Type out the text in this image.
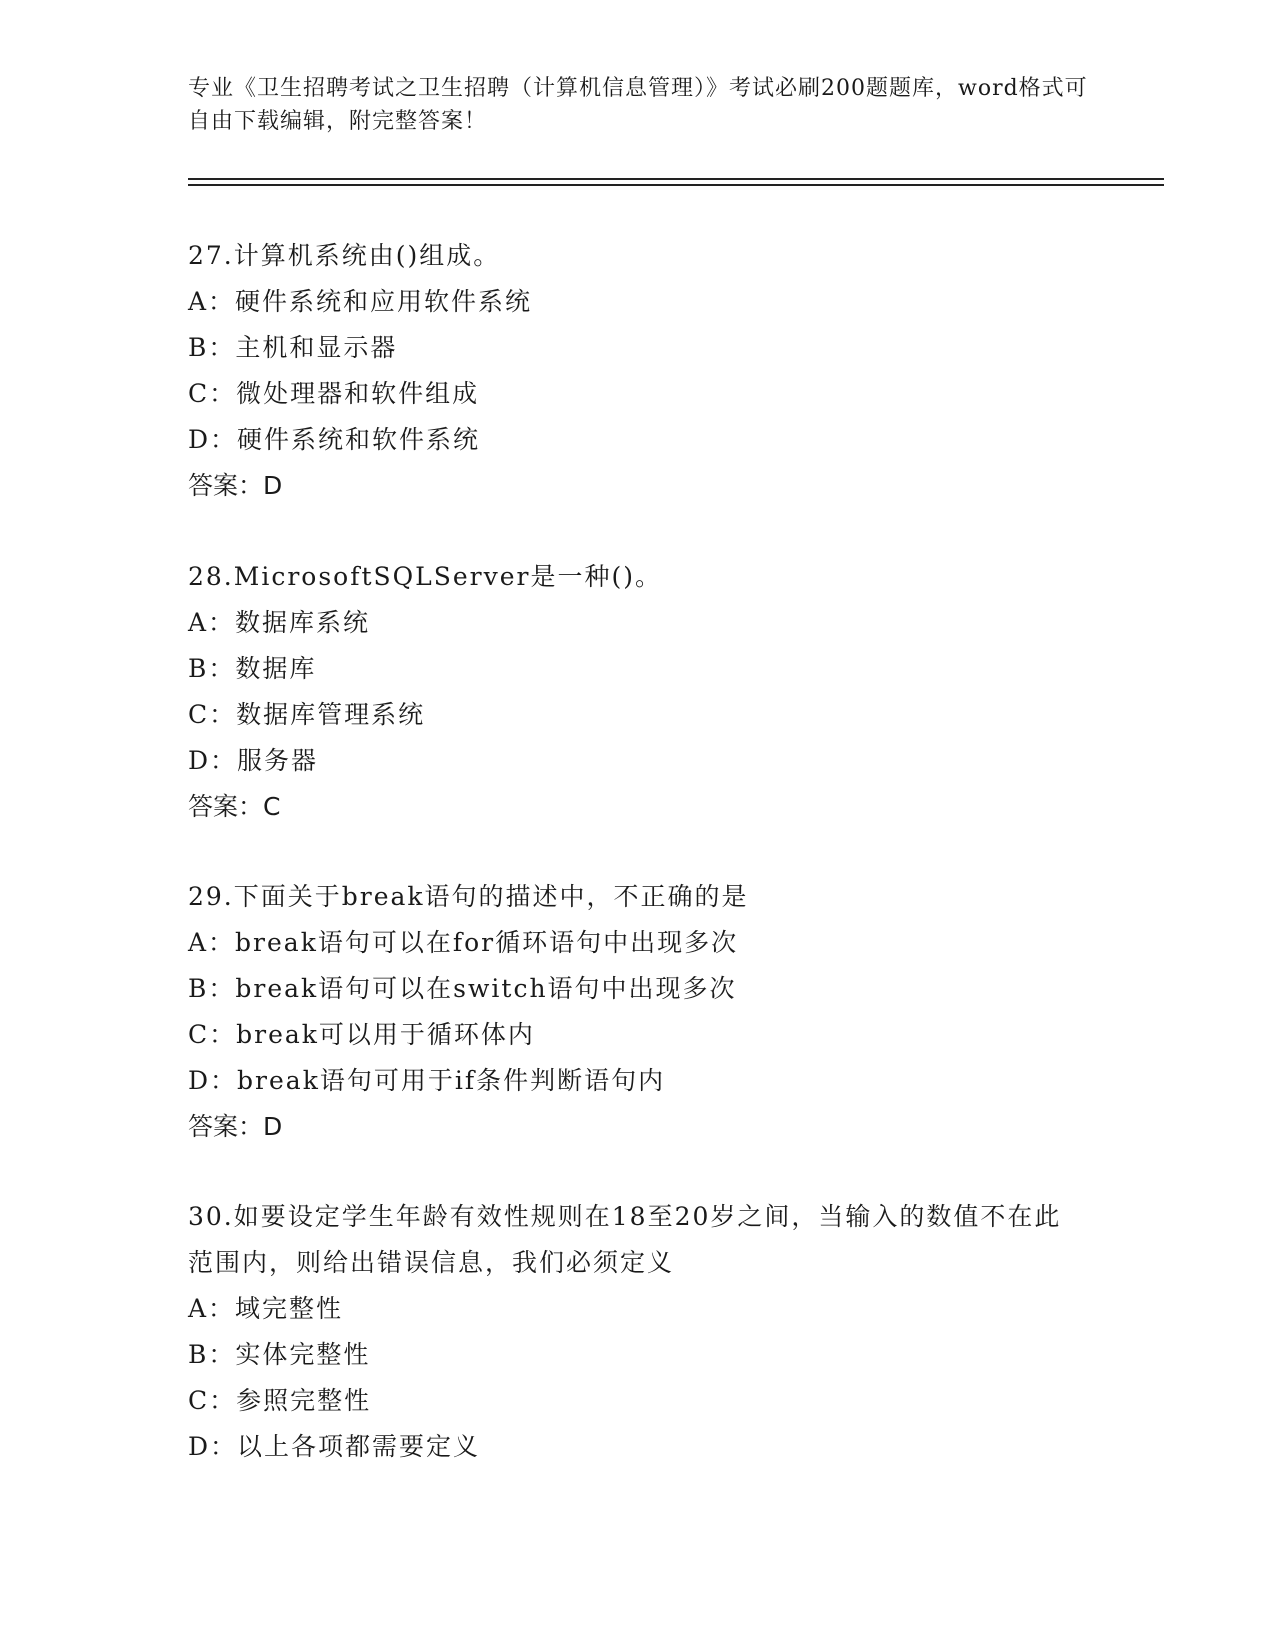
专业《卫生招聘考试之卫生招聘（计算机信息管理）》考试必刷200题题库，word格式可自由下载编辑，附完整答案！
27.计算机系统由()组成。
A：硬件系统和应用软件系统
B：主机和显示器
C：微处理器和软件组成
D：硬件系统和软件系统
答案：D
28.MicrosoftSQLServer是一种()。
A：数据库系统
B：数据库
C：数据库管理系统
D：服务器
答案：C
29.下面关于break语句的描述中，不正确的是
A：break语句可以在for循环语句中出现多次
B：break语句可以在switch语句中出现多次
C：break可以用于循环体内
D：break语句可用于if条件判断语句内
答案：D
30.如要设定学生年龄有效性规则在18至20岁之间，当输入的数值不在此范围内，则给出错误信息，我们必须定义
A：域完整性
B：实体完整性
C：参照完整性
D：以上各项都需要定义
